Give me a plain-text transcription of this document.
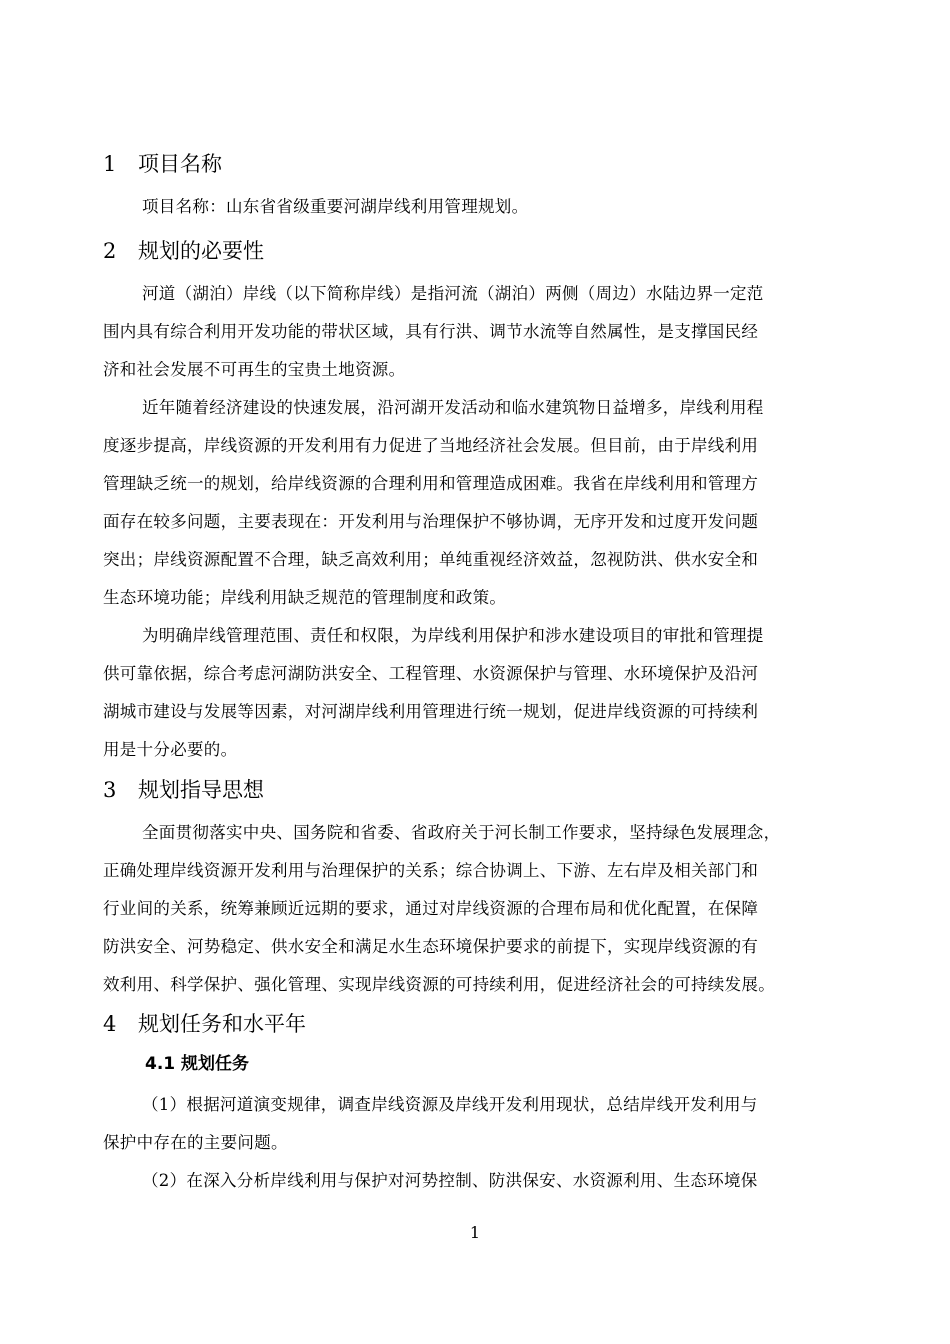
1 项目名称
项目名称：山东省省级重要河湖岸线利用管理规划。
2 规划的必要性
河道（湖泊）岸线（以下简称岸线）是指河流（湖泊）两侧（周边）水陆边界一定范
围内具有综合利用开发功能的带状区域，具有行洪、调节水流等自然属性，是支撑国民经
济和社会发展不可再生的宝贵土地资源。
近年随着经济建设的快速发展，沿河湖开发活动和临水建筑物日益增多，岸线利用程
度逐步提高，岸线资源的开发利用有力促进了当地经济社会发展。但目前，由于岸线利用
管理缺乏统一的规划，给岸线资源的合理利用和管理造成困难。我省在岸线利用和管理方
面存在较多问题，主要表现在：开发利用与治理保护不够协调，无序开发和过度开发问题
突出；岸线资源配置不合理，缺乏高效利用；单纯重视经济效益，忽视防洪、供水安全和
生态环境功能；岸线利用缺乏规范的管理制度和政策。
为明确岸线管理范围、责任和权限，为岸线利用保护和涉水建设项目的审批和管理提
供可靠依据，综合考虑河湖防洪安全、工程管理、水资源保护与管理、水环境保护及沿河
湖城市建设与发展等因素，对河湖岸线利用管理进行统一规划，促进岸线资源的可持续利
用是十分必要的。
3 规划指导思想
全面贯彻落实中央、国务院和省委、省政府关于河长制工作要求，坚持绿色发展理念，
正确处理岸线资源开发利用与治理保护的关系；综合协调上、下游、左右岸及相关部门和
行业间的关系，统筹兼顾近远期的要求，通过对岸线资源的合理布局和优化配置，在保障
防洪安全、河势稳定、供水安全和满足水生态环境保护要求的前提下，实现岸线资源的有
效利用、科学保护、强化管理、实现岸线资源的可持续利用，促进经济社会的可持续发展。
4 规划任务和水平年
4.1 规划任务
（1）根据河道演变规律，调查岸线资源及岸线开发利用现状，总结岸线开发利用与
保护中存在的主要问题。
（2）在深入分析岸线利用与保护对河势控制、防洪保安、水资源利用、生态环境保
1
